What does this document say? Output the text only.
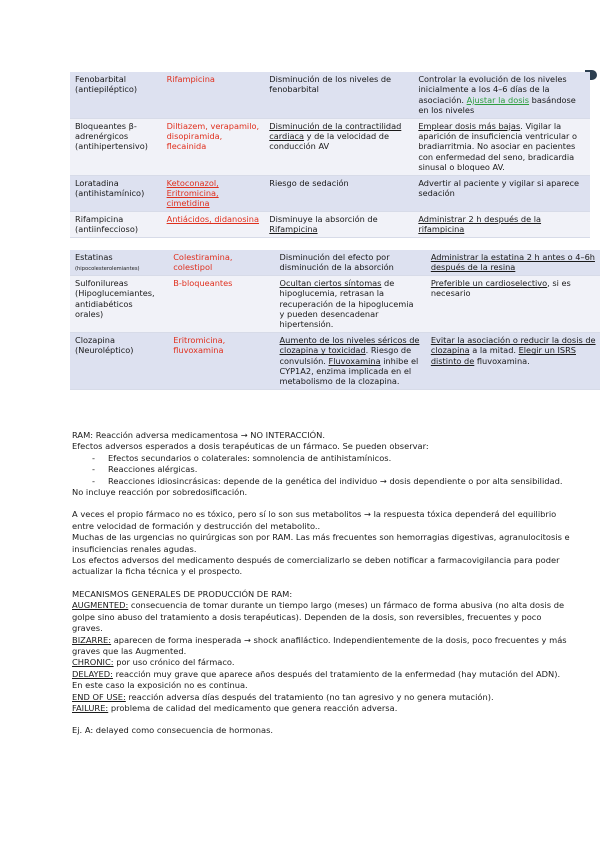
Fenobarbital
(antiepiléptico)	Rifampicina	Disminución de los niveles de fenobarbital	Controlar la evolución de los niveles inicialmente a los 4–6 días de la asociación. Ajustar la dosis basándose en los niveles
Bloqueantes β-adrenérgicos
(antihipertensivo)	Diltiazem, verapamilo, disopiramida, flecainida	Disminución de la contractilidad cardiaca y de la velocidad de conducción AV	Emplear dosis más bajas. Vigilar la aparición de insuficiencia ventricular o bradiarritmia. No asociar en pacientes con enfermedad del seno, bradicardia sinusal o bloqueo AV.
Loratadina
(antihistamínico)	Ketoconazol, Eritromicina, cimetidina	Riesgo de sedación	Advertir al paciente y vigilar si aparece sedación
Rifampicina
(antiinfeccioso)	Antiácidos, didanosina	Disminuye la absorción de Rifampicina	Administrar 2 h después de la rifampicina
Estatinas
(hipocolesterolemiantes)	Colestiramina, colestipol	Disminución del efecto por disminución de la absorción	Administrar la estatina 2 h antes o 4–6h después de la resina
Sulfonilureas
(Hipoglucemiantes, antidiabéticos orales)	B-bloqueantes	Ocultan ciertos síntomas de hipoglucemia, retrasan la recuperación de la hipoglucemia y pueden desencadenar hipertensión.	Preferible un cardioselectivo, si es necesario
Clozapina
(Neuroléptico)	Eritromicina, fluvoxamina	Aumento de los niveles séricos de clozapina y toxicidad. Riesgo de convulsión. Fluvoxamina inhibe el CYP1A2, enzima implicada en el metabolismo de la clozapina.	Evitar la asociación o reducir la dosis de clozapina a la mitad. Elegir un ISRS distinto de fluvoxamina.

RAM: Reacción adversa medicamentosa → NO INTERACCIÓN.

Efectos adversos esperados a dosis terapéuticas de un fármaco. Se pueden observar:

- Efectos secundarios o colaterales: somnolencia de antihistamínicos.
- Reacciones alérgicas.
- Reacciones idiosincrásicas: depende de la genética del individuo → dosis dependiente o por alta sensibilidad.

No incluye reacción por sobredosificación.

A veces el propio fármaco no es tóxico, pero sí lo son sus metabolitos → la respuesta tóxica dependerá del equilibrio entre velocidad de formación y destrucción del metabolito..

Muchas de las urgencias no quirúrgicas son por RAM. Las más frecuentes son hemorragias digestivas, agranulocitosis e insuficiencias renales agudas.

Los efectos adversos del medicamento después de comercializarlo se deben notificar a farmacovigilancia para poder actualizar la ficha técnica y el prospecto.

MECANISMOS GENERALES DE PRODUCCIÓN DE RAM:

AUGMENTED: consecuencia de tomar durante un tiempo largo (meses) un fármaco de forma abusiva (no alta dosis de golpe sino abuso del tratamiento a dosis terapéuticas). Dependen de la dosis, son reversibles, frecuentes y poco graves.

BIZARRE: aparecen de forma inesperada → shock anafiláctico. Independientemente de la dosis, poco frecuentes y más graves que las Augmented.

CHRONIC: por uso crónico del fármaco.

DELAYED: reacción muy grave que aparece años después del tratamiento de la enfermedad (hay mutación del ADN). En este caso la exposición no es continua.

END OF USE: reacción adversa días después del tratamiento (no tan agresivo y no genera mutación).

FAILURE: problema de calidad del medicamento que genera reacción adversa.

Ej. A: delayed como consecuencia de hormonas.
